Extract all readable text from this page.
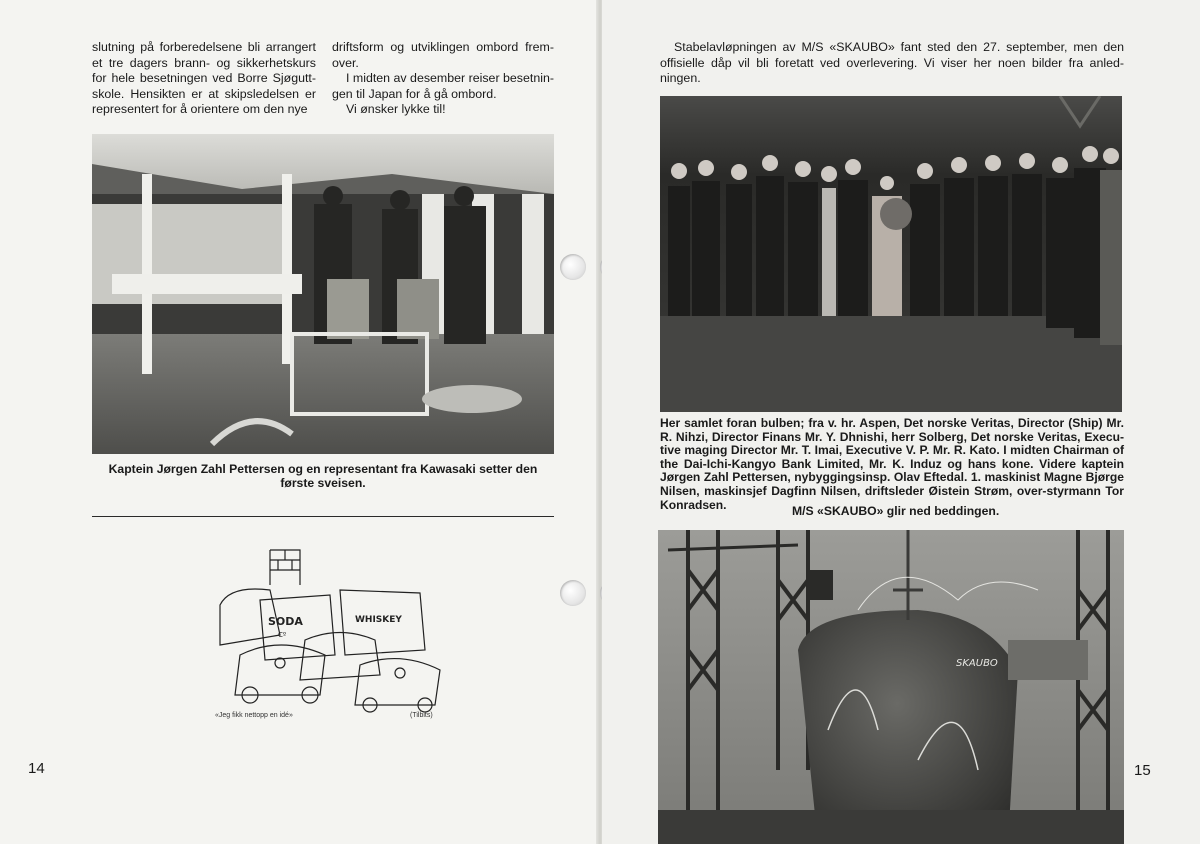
slutning på forberedelsene bli arrangert et tre dagers brann- og sikkerhetskurs for hele besetningen ved Borre Sjøgutt-skole. Hensikten er at skipsledelsen er representert for å orientere om den nye

driftsform og utviklingen ombord frem-over.

I midten av desember reiser besetnin-gen til Japan for å gå ombord.

Vi ønsker lykke til!

Kaptein Jørgen Zahl Pettersen og en representant fra Kawasaki setter den første sveisen.
SODA
Cº
WHISKEY
«Jeg fikk nettopp en idé»	(Tilbits)
14

Stabelavløpningen av M/S «SKAUBO» fant sted den 27. september, men den offisielle dåp vil bli foretatt ved overlevering. Vi viser her noen bilder fra anled-ningen.

Her samlet foran bulben; fra v. hr. Aspen, Det norske Veritas, Director (Ship) Mr. R. Nihzi, Director Finans Mr. Y. Dhnishi, herr Solberg, Det norske Veritas, Execu-tive maging Director Mr. T. Imai, Executive V. P. Mr. R. Kato. I midten Chairman of the Dai-Ichi-Kangyo Bank Limited, Mr. K. Induz og hans kone. Videre kaptein Jørgen Zahl Pettersen, nybyggingsinsp. Olav Eftedal. 1. maskinist Magne Bjørge Nilsen, maskinsjef Dagfinn Nilsen, driftsleder Øistein Strøm, over-styrmann Tor Konradsen.	M/S «SKAUBO» glir ned beddingen.
SKAUBO
15
